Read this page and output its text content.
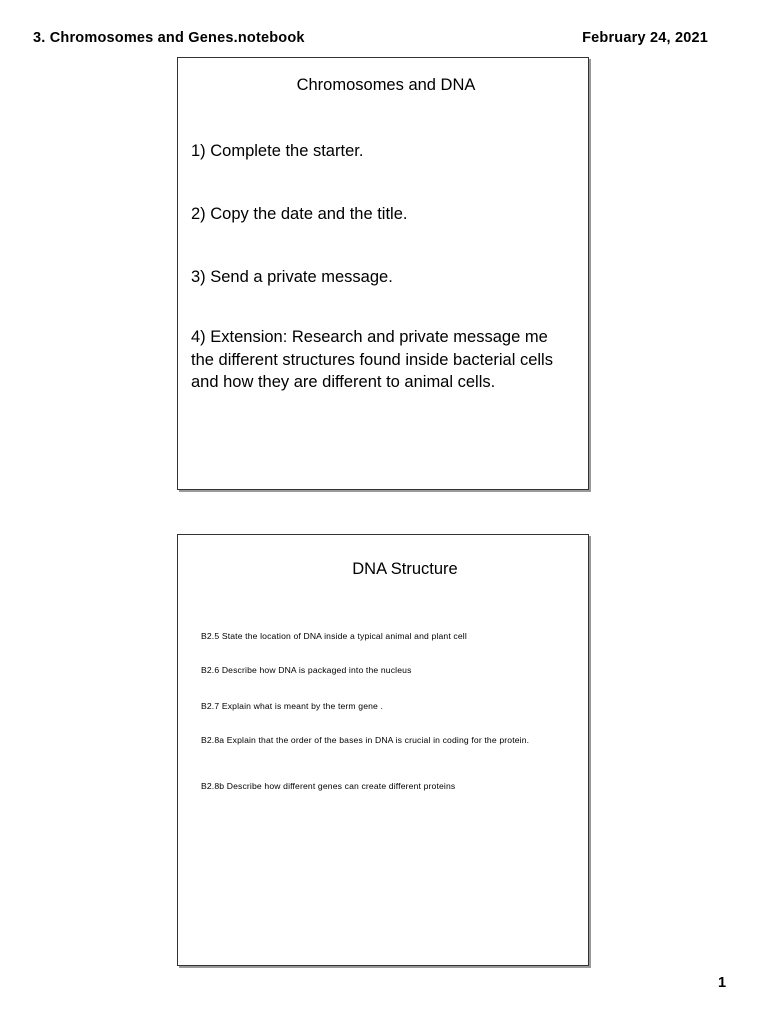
3. Chromosomes and Genes.notebook	February 24, 2021
Chromosomes and DNA
1) Complete the starter.
2) Copy the date and the title.
3) Send a private message.
4) Extension: Research and private message me the different structures found inside bacterial cells and how they are different to animal cells.
DNA Structure
B2.5 State the location of DNA inside a typical animal and plant cell
B2.6 Describe how DNA is packaged into the nucleus
B2.7 Explain what is meant by the term gene .
B2.8a Explain that the order of the bases in DNA is crucial in coding for the protein.
B2.8b Describe how different genes can create different proteins
1
